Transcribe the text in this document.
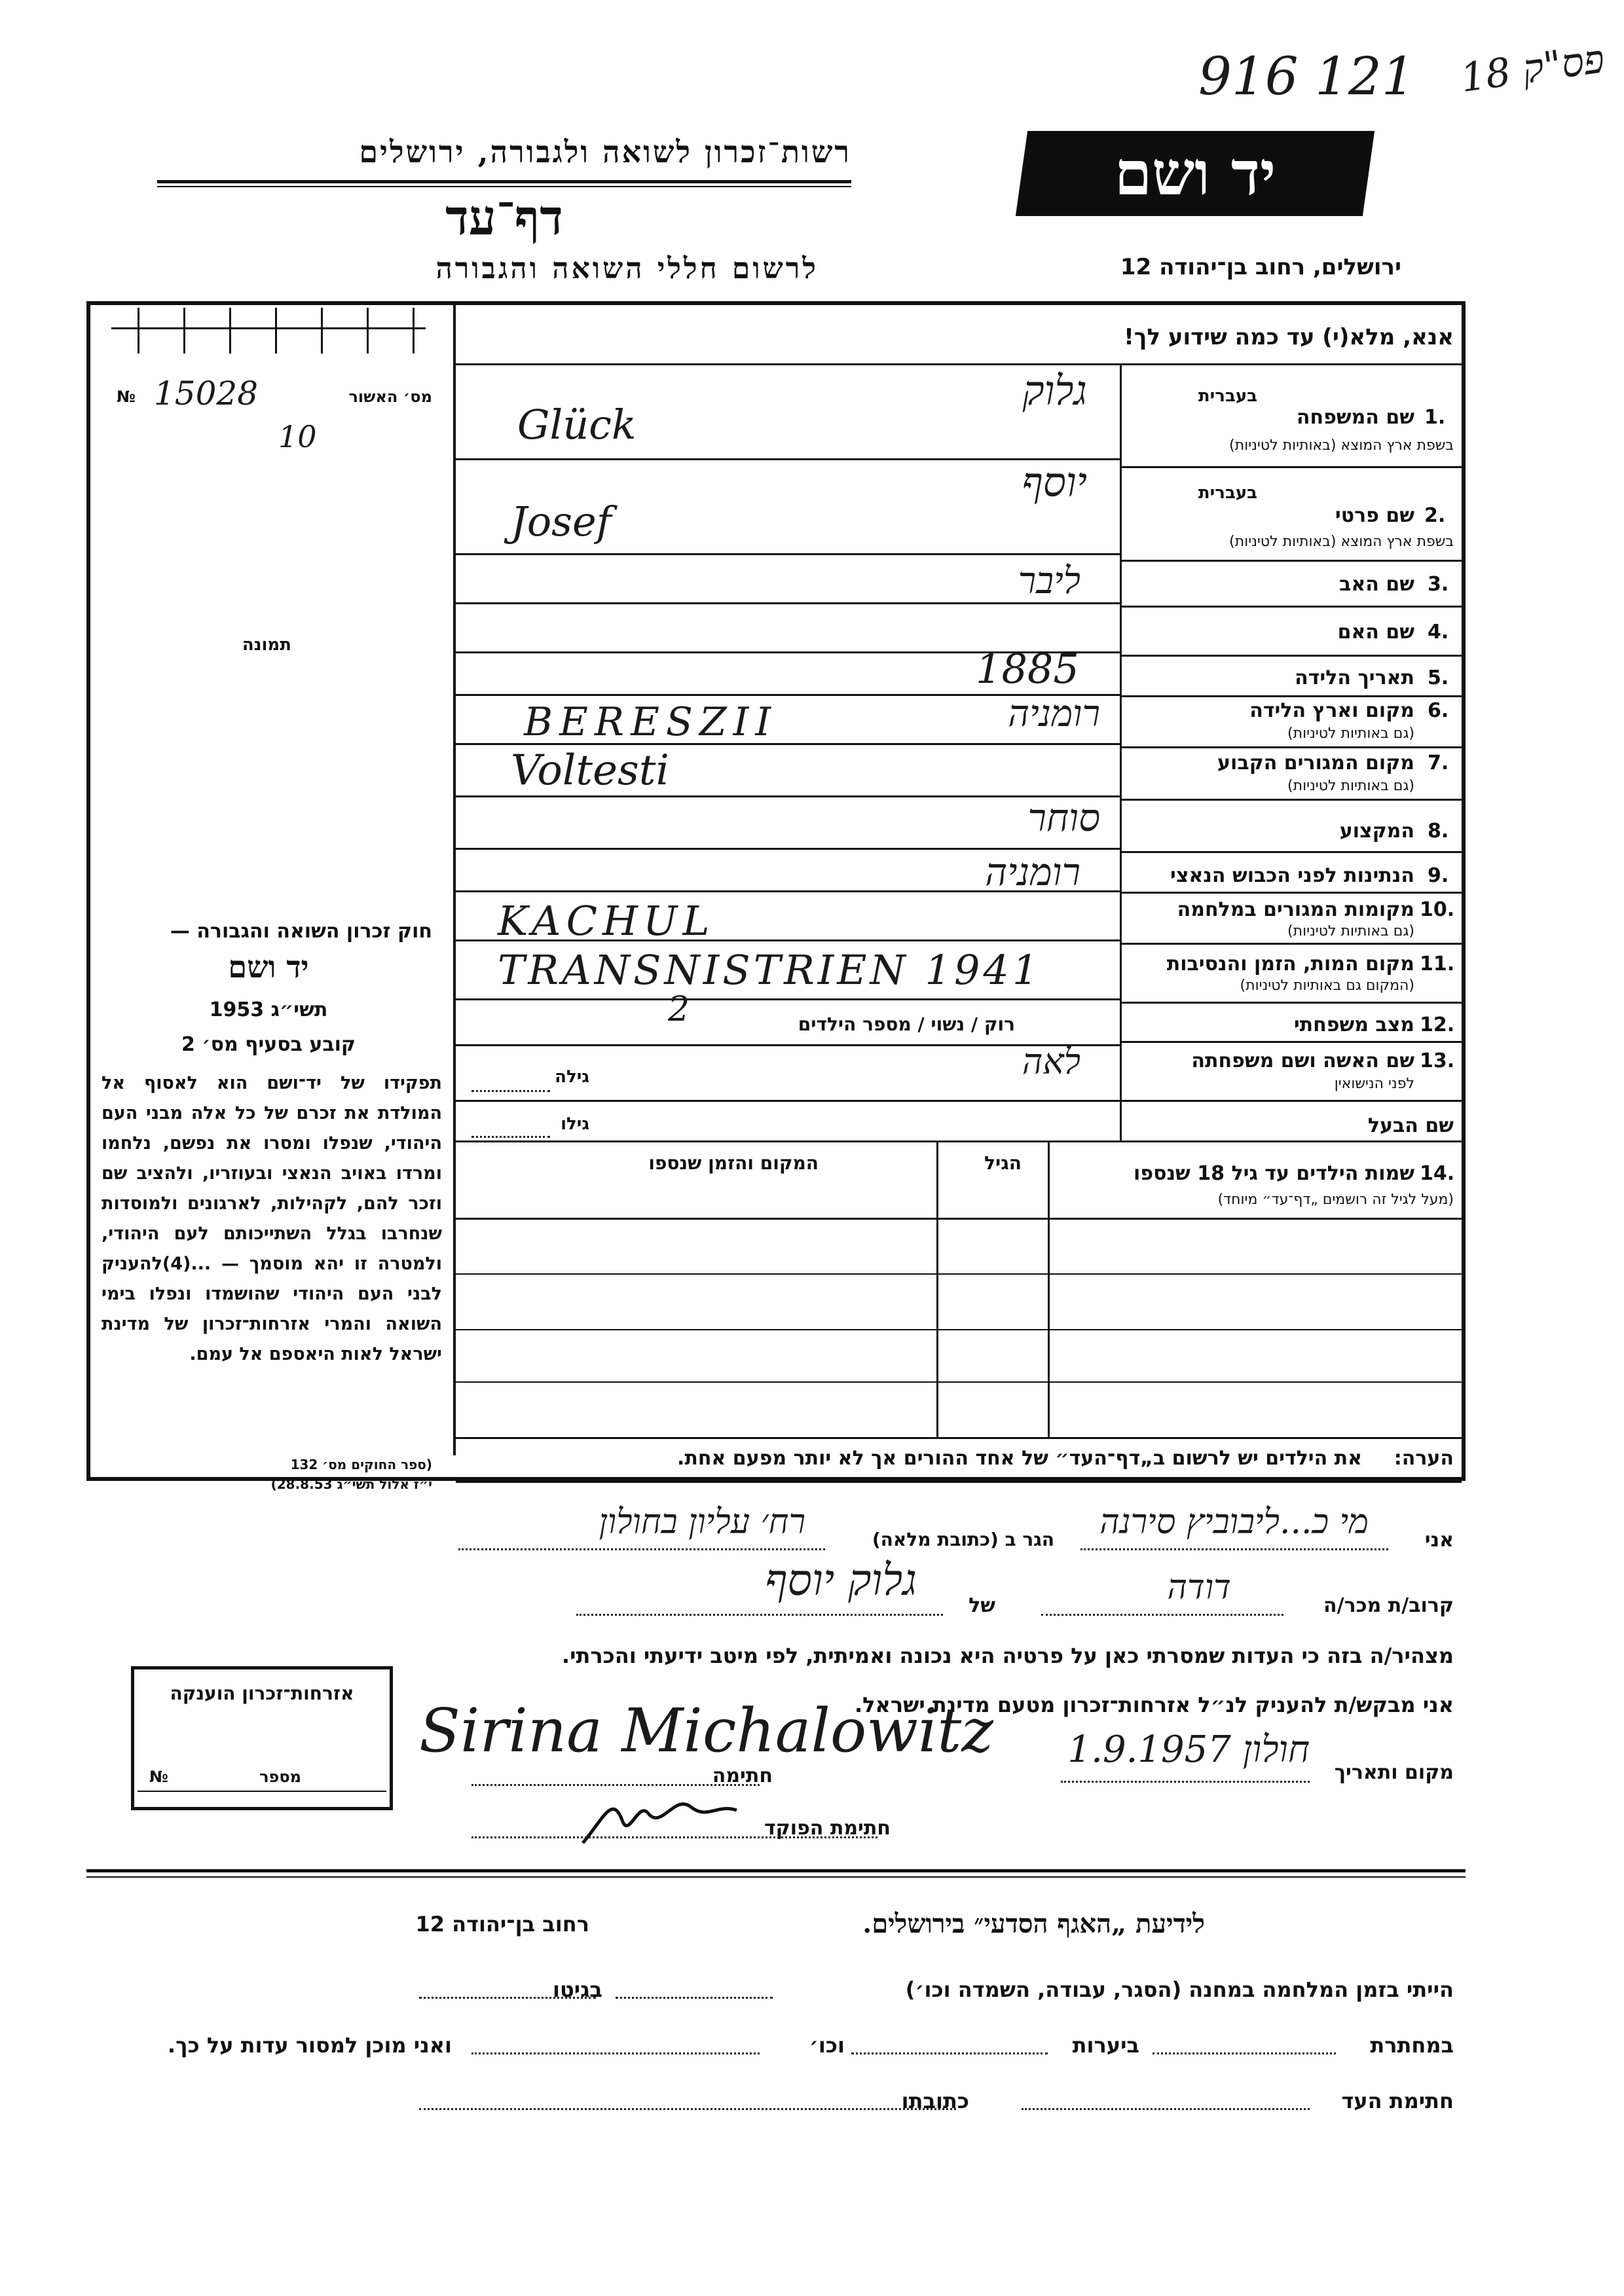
916 121 פס"ק 18
רשות־זכרון לשואה ולגבורה, ירושלים
דף־עד
לרשום חללי השואה והגבורה
יד ושם
ירושלים, רחוב בן־יהודה 12
אנא, מלא(י) עד כמה שידוע לך!
מס׳ האשור
№ 15028
10
תמונה
1.
שם המשפחה
בשפת ארץ המוצא (באותיות לטיניות)
בעברית
גלוק
Glück
2.
שם פרטי
בשפת ארץ המוצא (באותיות לטיניות)
בעברית
יוסף
Josef
3.
שם האב
ליבר
4.
שם האם
5.
תאריך הלידה
1885
6.
מקום וארץ הלידה
(גם באותיות לטיניות)
BERESZII	רומניה
7.
מקום המגורים הקבוע
(גם באותיות לטיניות)
Voltesti
8.
המקצוע
סוחר
9.
הנתינות לפני הכבוש הנאצי
רומניה
10.
מקומות המגורים במלחמה
(גם באותיות לטיניות)
KACHUL
11.
מקום המות, הזמן והנסיבות
(המקום גם באותיות לטיניות)
TRANSNISTRIEN 1941
12.
מצב משפחתי
רוק / נשוי / מספר הילדים
2
13.
שם האשה ושם משפחתה
לפני הנישואין
לאה
גילה
שם הבעל
גילו
14.
שמות הילדים עד גיל 18 שנספו
(מעל לגיל זה רושמים „דף־עד״ מיוחד)
הגיל
המקום והזמן שנספו
חוק זכרון השואה והגבורה —
יד ושם
תשי״ג 1953
קובע בסעיף מס׳ 2
תפקידו של יד־ושם הוא לאסוף אל המולדת את זכרם של כל אלה מבני העם היהודי, שנפלו ומסרו את נפשם, נלחמו ומרדו באויב הנאצי ובעוזריו, ולהציב שם וזכר להם, לקהילות, לארגונים ולמוסדות שנחרבו בגלל השתייכותם לעם היהודי, ולמטרה זו יהא מוסמך — ...(4)להעניק לבני העם היהודי שהושמדו ונפלו בימי השואה והמרי אזרחות־זכרון של מדינת ישראל לאות היאספם אל עמם.
(ספר החוקים מס׳ 132
י״ז אלול תשי״ג 28.8.53)
הערה:
את הילדים יש לרשום ב„דף־העד״ של אחד ההורים אך לא יותר מפעם אחת.
אני
מי כ...ליבוביץ סירנה
הגר ב (כתובת מלאה)
רח׳ עליון בחולון
קרוב/ת מכר/ה
דודה
של
גלוק יוסף
מצהיר/ה בזה כי העדות שמסרתי כאן על פרטיה היא נכונה ואמיתית, לפי מיטב ידיעתי והכרתי.
אני מבקש/ת להעניק לנ״ל אזרחות־זכרון מטעם מדינת ישראל.
Sirina Michalowitz
מקום ותאריך
חולון 1.9.1957
חתימה
חתימת הפוקד
אזרחות־זכרון הוענקה
מספר
№
לידיעת „האגף הסדעי״ בירושלים.
רחוב בן־יהודה 12
הייתי בזמן המלחמה במחנה (הסגר, עבודה, השמדה וכו׳)
בגיטו
במחתרת
ביערות
וכו׳
ואני מוכן למסור עדות על כך.
חתימת העד
כתובתו
